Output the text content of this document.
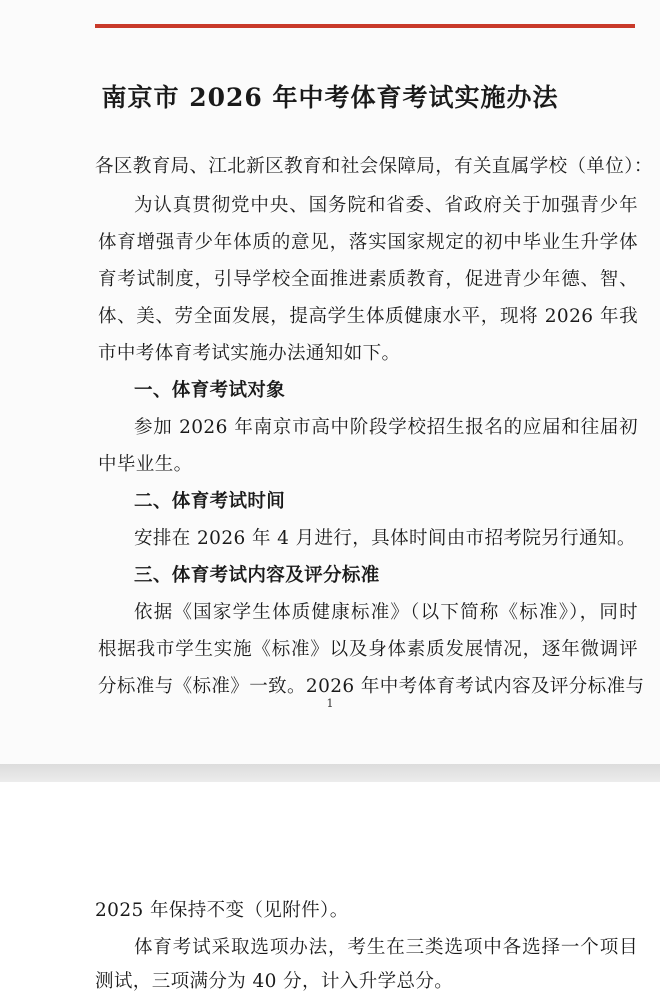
南京市 2026 年中考体育考试实施办法
各区教育局、江北新区教育和社会保障局，有关直属学校（单位）：
为认真贯彻党中央、国务院和省委、省政府关于加强青少年
体育增强青少年体质的意见，落实国家规定的初中毕业生升学体
育考试制度，引导学校全面推进素质教育，促进青少年德、智、
体、美、劳全面发展，提高学生体质健康水平，现将 2026 年我
市中考体育考试实施办法通知如下。
一、体育考试对象
参加 2026 年南京市高中阶段学校招生报名的应届和往届初
中毕业生。
二、体育考试时间
安排在 2026 年 4 月进行，具体时间由市招考院另行通知。
三、体育考试内容及评分标准
依据《国家学生体质健康标准》（以下简称《标准》），同时
根据我市学生实施《标准》以及身体素质发展情况，逐年微调评
分标准与《标准》一致。2026 年中考体育考试内容及评分标准与
1
2025 年保持不变（见附件）。
体育考试采取选项办法，考生在三类选项中各选择一个项目
测试，三项满分为 40 分，计入升学总分。
